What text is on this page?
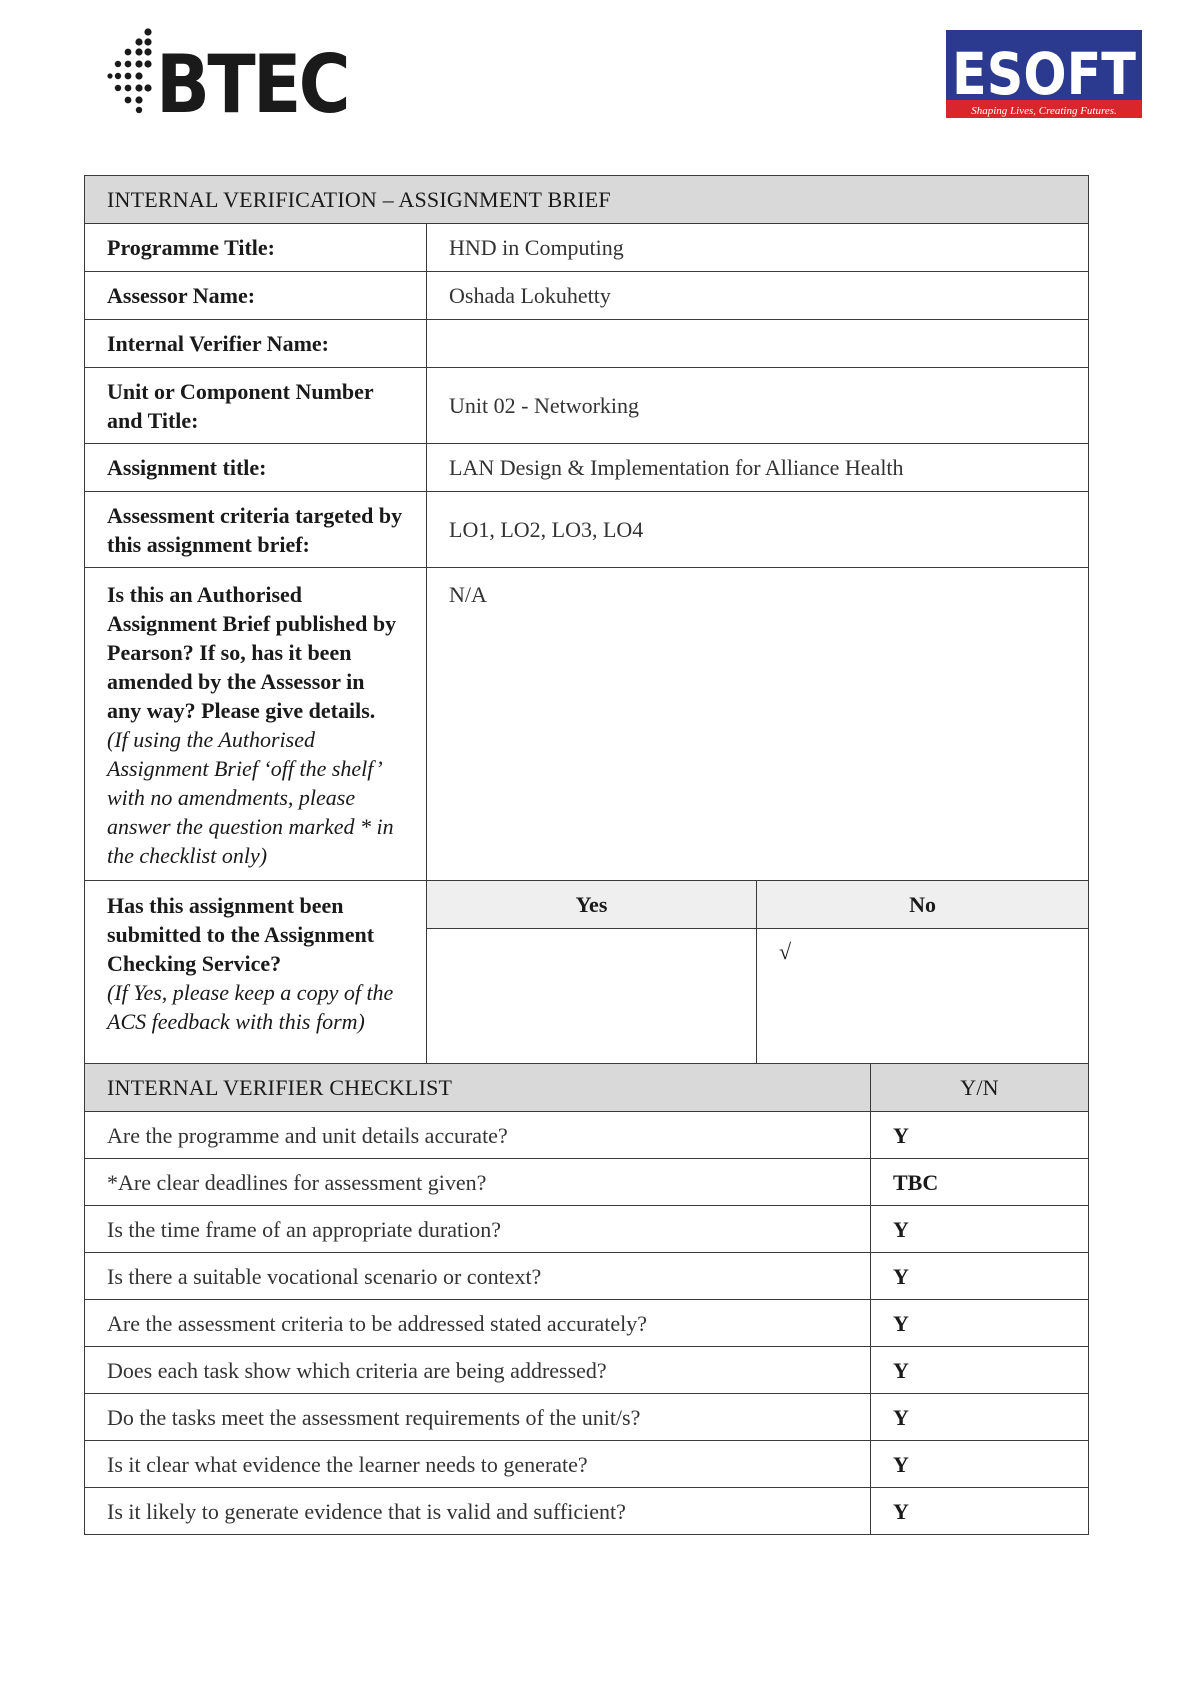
BTEC	ESOFT
Shaping Lives, Creating Futures.
INTERNAL VERIFICATION – ASSIGNMENT BRIEF			
Programme Title:	HND in Computing		
Assessor Name:	Oshada Lokuhetty		
Internal Verifier Name:			
Unit or Component Number and Title:	Unit 02 - Networking		
Assignment title:	LAN Design & Implementation for Alliance Health		
Assessment criteria targeted by this assignment brief:	LO1, LO2, LO3, LO4		
Is this an Authorised Assignment Brief published by Pearson? If so, has it been amended by the Assessor in any way? Please give details.
(If using the Authorised Assignment Brief ‘off the shelf’ with no amendments, please answer the question marked * in the checklist only)	N/A		
Has this assignment been submitted to the Assignment Checking Service?
(If Yes, please keep a copy of the ACS feedback with this form)	Yes	No	
		√	
INTERNAL VERIFIER CHECKLIST			Y/N
Are the programme and unit details accurate?			Y
*Are clear deadlines for assessment given?			TBC
Is the time frame of an appropriate duration?			Y
Is there a suitable vocational scenario or context?			Y
Are the assessment criteria to be addressed stated accurately?			Y
Does each task show which criteria are being addressed?			Y
Do the tasks meet the assessment requirements of the unit/s?			Y
Is it clear what evidence the learner needs to generate?			Y
Is it likely to generate evidence that is valid and sufficient?			Y
